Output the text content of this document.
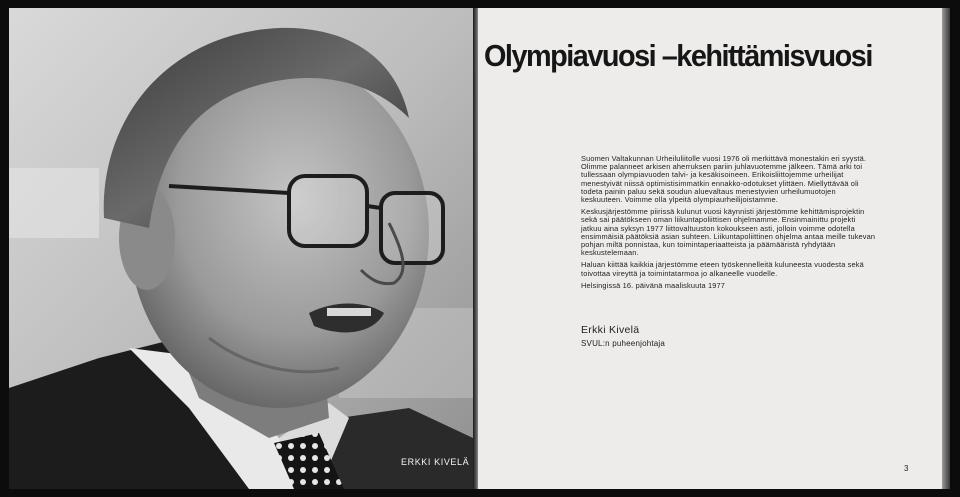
ERKKI KIVELÄ
Olympiavuosi –kehittämisvuosi

Suomen Valtakunnan Urheiluliitolle vuosi 1976 oli merkittävä monestakin eri syystä. Olimme palanneet arkisen aherruksen pariin juhlavuotemme jälkeen. Tämä arki toi tullessaan olympiavuoden talvi- ja kesäkisoineen. Erikoisliittojemme urheilijat menestyivät niissä optimistisimmatkin ennakko-odotukset ylittäen. Miellyttävää oli todeta painin paluu sekä soudun aluevaltaus menestyvien urheilumuotojen keskuuteen. Voimme olla ylpeitä olympiaurheilijoistamme.

Keskusjärjestömme piirissä kulunut vuosi käynnisti järjestömme kehittämisprojektin sekä sai päätökseen oman liikuntapoliittisen ohjelmamme. Ensinmainittu projekti jatkuu aina syksyn 1977 liittovaltuuston kokoukseen asti, jolloin voimme odotella ensimmäisiä päätöksiä asian suhteen. Liikuntapoliittinen ohjelma antaa meille tukevan pohjan miltä ponnistaa, kun toimintaperiaatteista ja päämääristä ryhdytään keskustelemaan.

Haluan kiittää kaikkia järjestömme eteen työskennelleitä kuluneesta vuodesta sekä toivottaa vireyttä ja toimintatarmoa jo alkaneelle vuodelle.

Helsingissä 16. päivänä maaliskuuta 1977

Erkki Kivelä
SVUL:n puheenjohtaja
3
